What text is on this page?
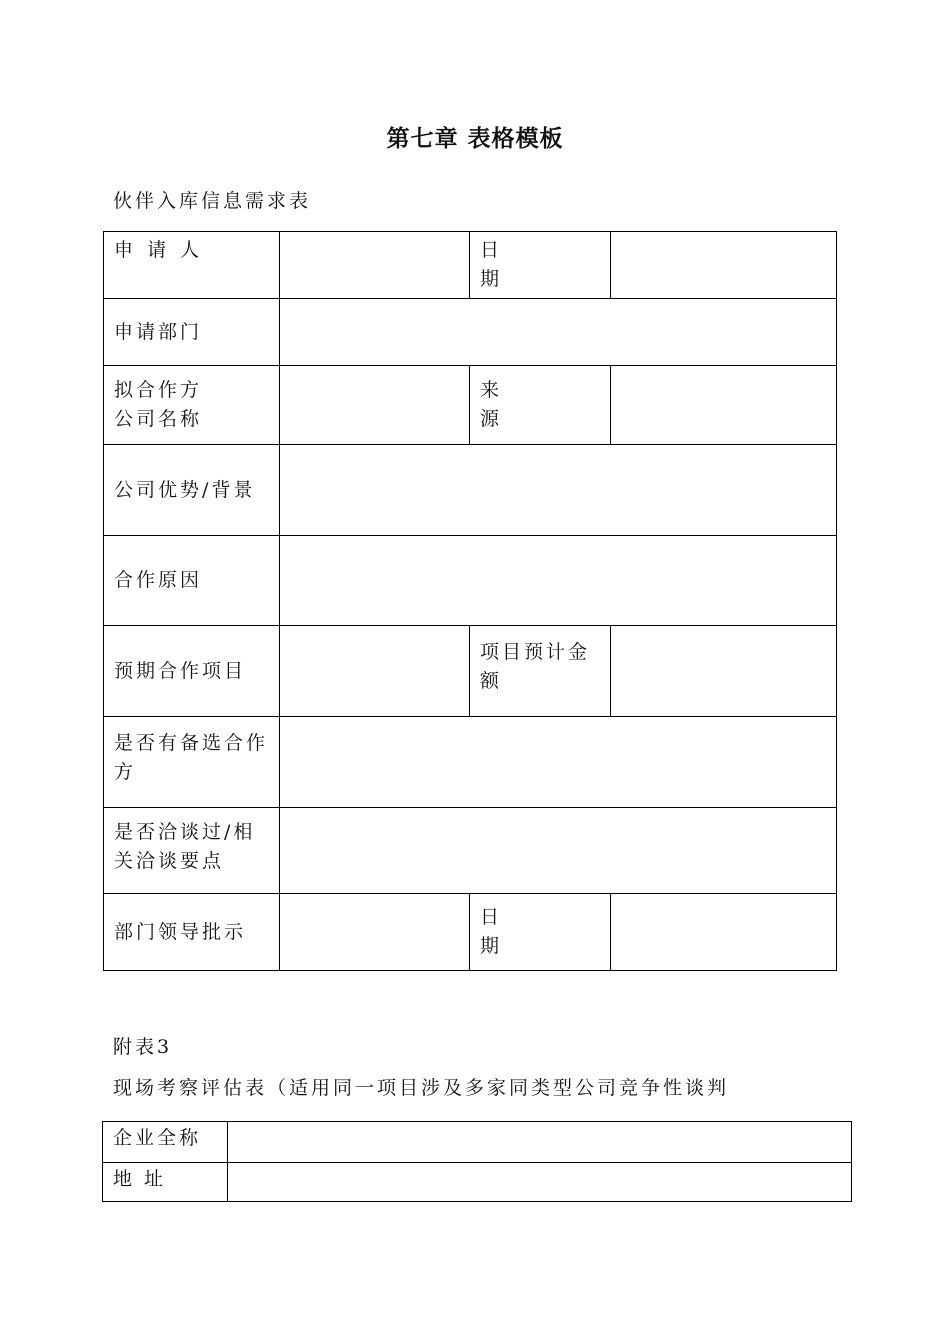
第七章 表格模板
伙伴入库信息需求表
申请人		日期	
申请部门			

拟合作方
公司名称		来源	
公司优势/背景			
合作原因			
预期合作项目		项目预计金额	
是否有备选合作方			
是否洽谈过/相关洽谈要点			
部门领导批示		日期	
附表3
现场考察评估表（适用同一项目涉及多家同类型公司竞争性谈判
企业全称	
地址	
